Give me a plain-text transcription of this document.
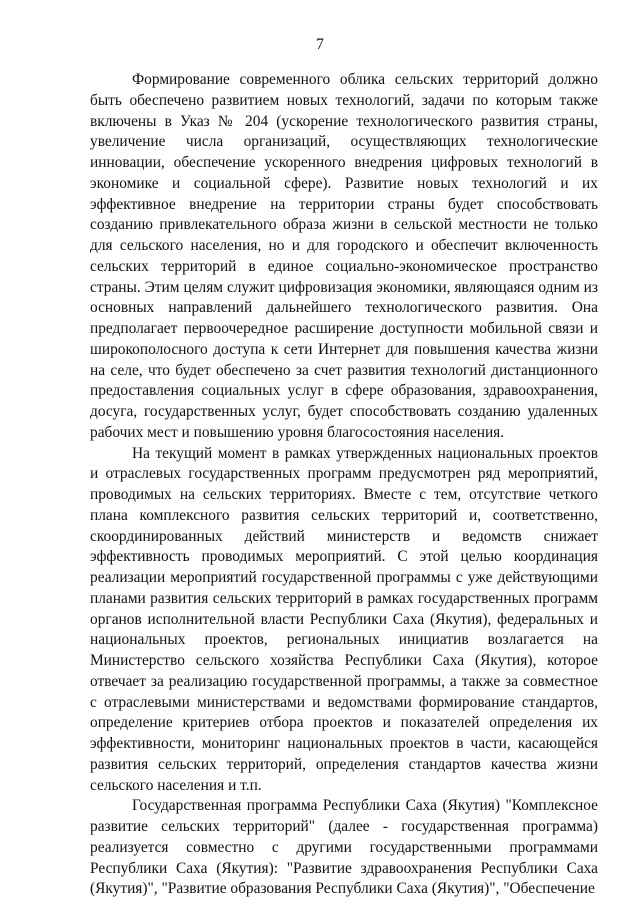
7

Формирование современного облика сельских территорий должно быть обеспечено развитием новых технологий, задачи по которым также включены в Указ № 204 (ускорение технологического развития страны, увеличение числа организаций, осуществляющих технологические инновации, обеспечение ускоренного внедрения цифровых технологий в экономике и социальной сфере). Развитие новых технологий и их эффективное внедрение на территории страны будет способствовать созданию привлекательного образа жизни в сельской местности не только для сельского населения, но и для городского и обеспечит включенность сельских территорий в единое социально-экономическое пространство страны. Этим целям служит цифровизация экономики, являющаяся одним из основных направлений дальнейшего технологического развития. Она предполагает первоочередное расширение доступности мобильной связи и широкополосного доступа к сети Интернет для повышения качества жизни на селе, что будет обеспечено за счет развития технологий дистанционного предоставления социальных услуг в сфере образования, здравоохранения, досуга, государственных услуг, будет способствовать созданию удаленных рабочих мест и повышению уровня благосостояния населения.

На текущий момент в рамках утвержденных национальных проектов и отраслевых государственных программ предусмотрен ряд мероприятий, проводимых на сельских территориях. Вместе с тем, отсутствие четкого плана комплексного развития сельских территорий и, соответственно, скоординированных действий министерств и ведомств снижает эффективность проводимых мероприятий. С этой целью координация реализации мероприятий государственной программы с уже действующими планами развития сельских территорий в рамках государственных программ органов исполнительной власти Республики Саха (Якутия), федеральных и национальных проектов, региональных инициатив возлагается на Министерство сельского хозяйства Республики Саха (Якутия), которое отвечает за реализацию государственной программы, а также за совместное с отраслевыми министерствами и ведомствами формирование стандартов, определение критериев отбора проектов и показателей определения их эффективности, мониторинг национальных проектов в части, касающейся развития сельских территорий, определения стандартов качества жизни сельского населения и т.п.

Государственная программа Республики Саха (Якутия) "Комплексное развитие сельских территорий" (далее - государственная программа) реализуется совместно с другими государственными программами Республики Саха (Якутия): "Развитие здравоохранения Республики Саха (Якутия)", "Развитие образования Республики Саха (Якутия)", "Обеспечение
